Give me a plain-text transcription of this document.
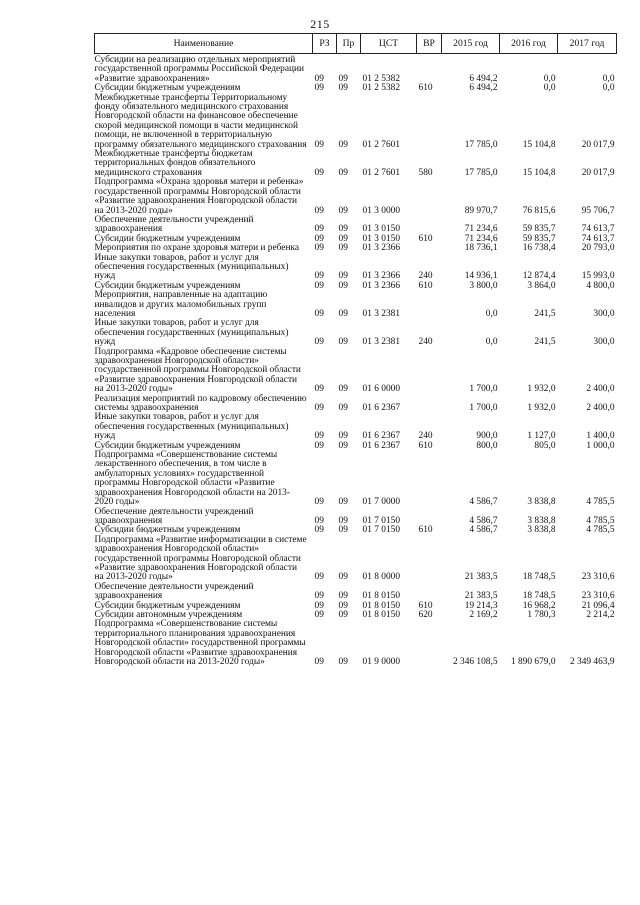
215
Наименование	РЗ	Пр	ЦСТ	ВР	2015 год	2016 год	2017 год
Субсидии на реализацию отдельных мероприятий государственной программы Российской Федерации «Развитие здравоохранения»	09	09	01 2 5382		6 494,2	0,0	0,0
Субсидии бюджетным учреждениям	09	09	01 2 5382	610	6 494,2	0,0	0,0
Межбюджетные трансферты Территориальному фонду обязательного медицинского страхования Новгородской области на финансовое обеспечение скорой медицинской помощи в части медицинской помощи, не включенной в территориальную программу обязательного медицинского страхования	09	09	01 2 7601		17 785,0	15 104,8	20 017,9
Межбюджетные трансферты бюджетам территориальных фондов обязательного медицинского страхования	09	09	01 2 7601	580	17 785,0	15 104,8	20 017,9
Подпрограмма «Охрана здоровья матери и ребенка» государственной программы Новгородской области «Развитие здравоохранения Новгородской области на 2013-2020 годы»	09	09	01 3 0000		89 970,7	76 815,6	95 706,7
Обеспечение деятельности учреждений здравоохранения	09	09	01 3 0150		71 234,6	59 835,7	74 613,7
Субсидии бюджетным учреждениям	09	09	01 3 0150	610	71 234,6	59 835,7	74 613,7
Мероприятия по охране здоровья матери и ребенка	09	09	01 3 2366		18 736,1	16 738,4	20 793,0
Иные закупки товаров, работ и услуг для обеспечения государственных (муниципальных) нужд	09	09	01 3 2366	240	14 936,1	12 874,4	15 993,0
Субсидии бюджетным учреждениям	09	09	01 3 2366	610	3 800,0	3 864,0	4 800,0
Мероприятия, направленные на адаптацию инвалидов и других маломобильных групп населения	09	09	01 3 2381		0,0	241,5	300,0
Иные закупки товаров, работ и услуг для обеспечения государственных (муниципальных) нужд	09	09	01 3 2381	240	0,0	241,5	300,0
Подпрограмма «Кадровое обеспечение системы здравоохранения Новгородской области» государственной программы Новгородской области «Развитие здравоохранения Новгородской области на 2013-2020 годы»	09	09	01 6 0000		1 700,0	1 932,0	2 400,0
Реализация мероприятий по кадровому обеспечению системы здравоохранения	09	09	01 6 2367		1 700,0	1 932,0	2 400,0
Иные закупки товаров, работ и услуг для обеспечения государственных (муниципальных) нужд	09	09	01 6 2367	240	900,0	1 127,0	1 400,0
Субсидии бюджетным учреждениям	09	09	01 6 2367	610	800,0	805,0	1 000,0
Подпрограмма «Совершенствование системы лекарственного обеспечения, в том числе в амбулаторных условиях» государственной программы Новгородской области «Развитие здравоохранения Новгородской области на 2013-2020 годы»	09	09	01 7 0000		4 586,7	3 838,8	4 785,5
Обеспечение деятельности учреждений здравоохранения	09	09	01 7 0150		4 586,7	3 838,8	4 785,5
Субсидии бюджетным учреждениям	09	09	01 7 0150	610	4 586,7	3 838,8	4 785,5
Подпрограмма «Развитие информатизации в системе здравоохранения Новгородской области» государственной программы Новгородской области «Развитие здравоохранения Новгородской области на 2013-2020 годы»	09	09	01 8 0000		21 383,5	18 748,5	23 310,6
Обеспечение деятельности учреждений здравоохранения	09	09	01 8 0150		21 383,5	18 748,5	23 310,6
Субсидии бюджетным учреждениям	09	09	01 8 0150	610	19 214,3	16 968,2	21 096,4
Субсидии автономным учреждениям	09	09	01 8 0150	620	2 169,2	1 780,3	2 214,2
Подпрограмма «Совершенствование системы территориального планирования здравоохранения Новгородской области» государственной программы Новгородской области «Развитие здравоохранения Новгородской области на 2013-2020 годы»	09	09	01 9 0000		2 346 108,5	1 890 679,0	2 349 463,9
